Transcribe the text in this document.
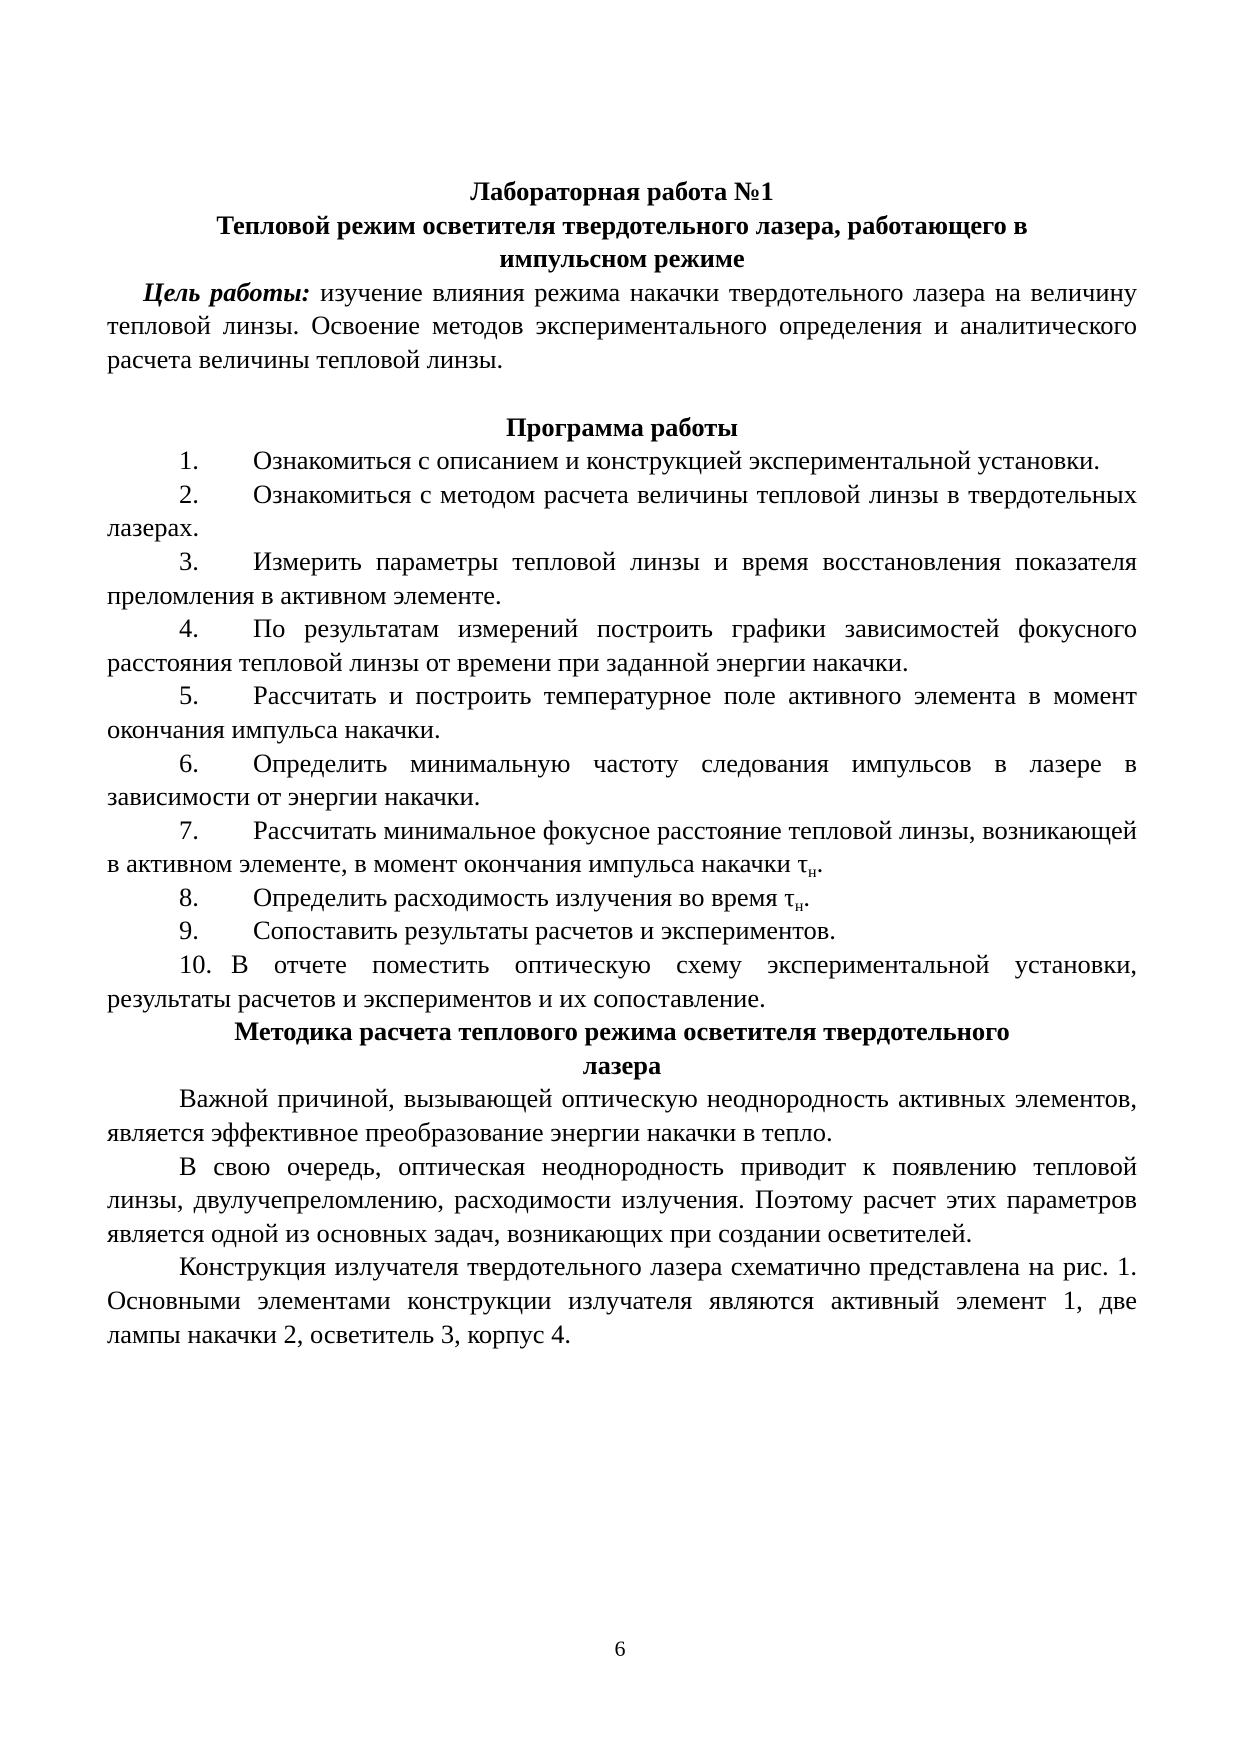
Лабораторная работа №1

Тепловой режим осветителя твердотельного лазера, работающего в

импульсном режиме

Цель работы: изучение влияния режима накачки твердотельного лазера на величину тепловой линзы. Освоение методов экспериментального определения и аналитического расчета величины тепловой линзы.

Программа работы

1. Ознакомиться с описанием и конструкцией экспериментальной установки.

2. Ознакомиться с методом расчета величины тепловой линзы в твердотельных лазерах.

3. Измерить параметры тепловой линзы и время восстановления показателя преломления в активном элементе.

4. По результатам измерений построить графики зависимостей фокусного расстояния тепловой линзы от времени при заданной энергии накачки.

5. Рассчитать и построить температурное поле активного элемента в момент окончания импульса накачки.

6. Определить минимальную частоту следования импульсов в лазере в зависимости от энергии накачки.

7. Рассчитать минимальное фокусное расстояние тепловой линзы, возникающей в активном элементе, в момент окончания импульса накачки $\tau_н$.

8. Определить расходимость излучения во время $\tau_н$.

9. Сопоставить результаты расчетов и экспериментов.

10. В отчете поместить оптическую схему экспериментальной установки, результаты расчетов и экспериментов и их сопоставление.

Методика расчета теплового режима осветителя твердотельного

лазера

Важной причиной, вызывающей оптическую неоднородность активных элементов, является эффективное преобразование энергии накачки в тепло.

В свою очередь, оптическая неоднородность приводит к появлению тепловой линзы, двулучепреломлению, расходимости излучения. Поэтому расчет этих параметров является одной из основных задач, возникающих при создании осветителей.

Конструкция излучателя твердотельного лазера схематично представлена на рис. 1. Основными элементами конструкции излучателя являются активный элемент 1, две лампы накачки 2, осветитель 3, корпус 4.

6
